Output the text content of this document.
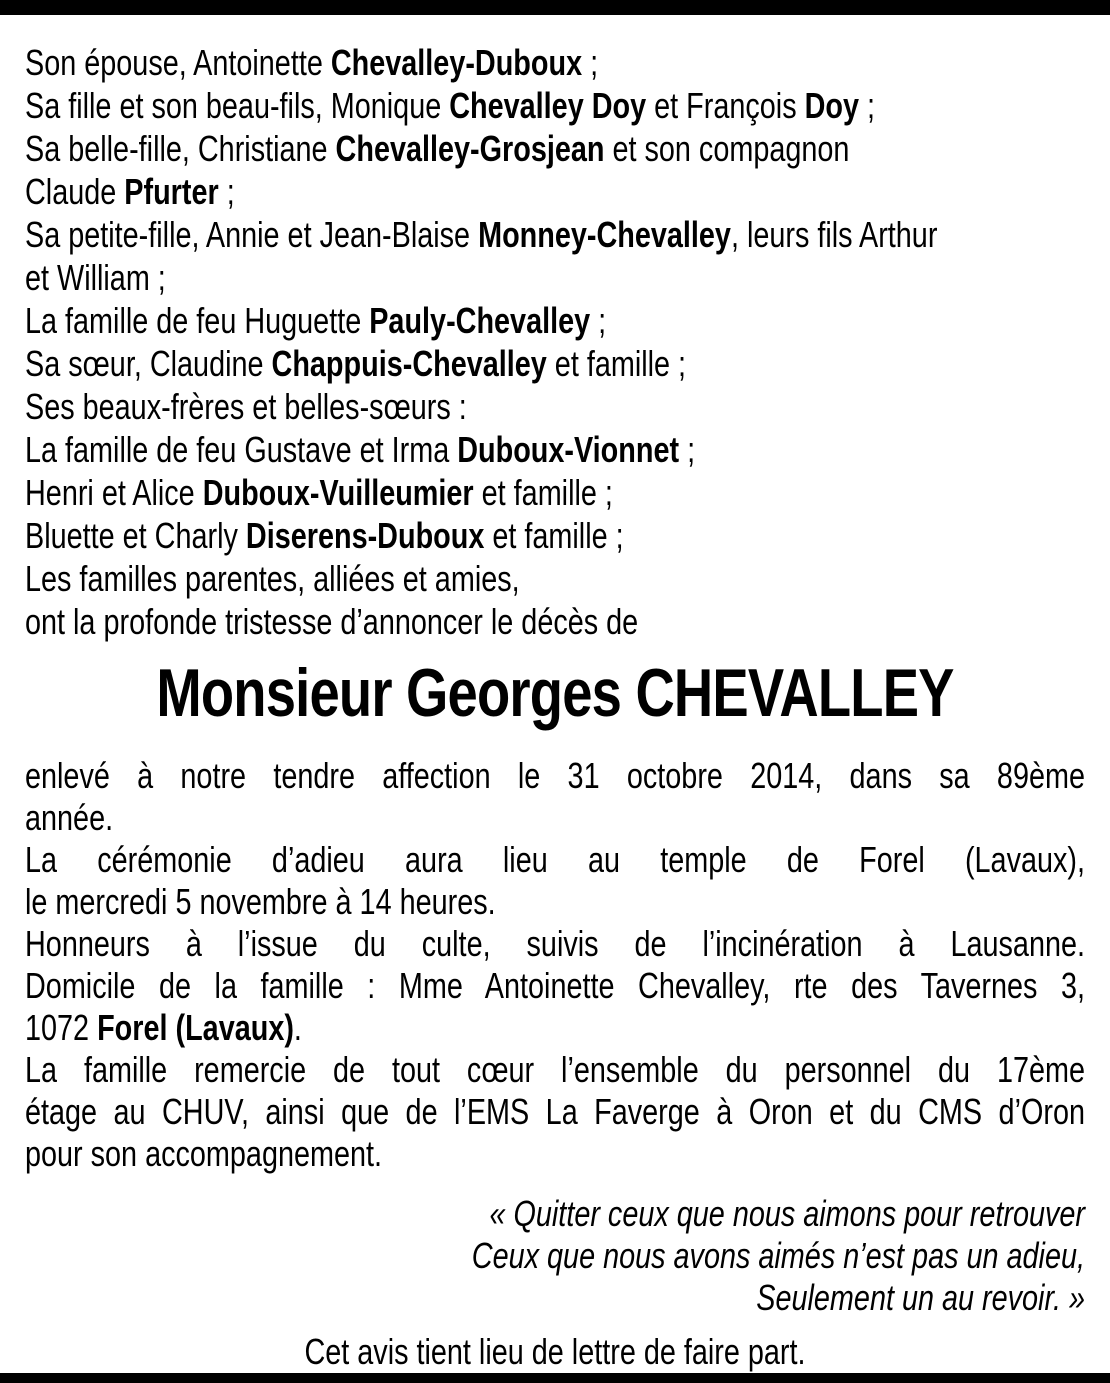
Son épouse, Antoinette Chevalley-Duboux ;
Sa fille et son beau-fils, Monique Chevalley Doy et François Doy ;
Sa belle-fille, Christiane Chevalley-Grosjean et son compagnon
Claude Pfurter ;
Sa petite-fille, Annie et Jean-Blaise Monney-Chevalley, leurs fils Arthur
et William ;
La famille de feu Huguette Pauly-Chevalley ;
Sa sœur, Claudine Chappuis-Chevalley et famille ;
Ses beaux-frères et belles-sœurs :
La famille de feu Gustave et Irma Duboux-Vionnet ;
Henri et Alice Duboux-Vuilleumier et famille ;
Bluette et Charly Diserens-Duboux et famille ;
Les familles parentes, alliées et amies,
ont la profonde tristesse d’annoncer le décès de
Monsieur Georges CHEVALLEY
enlevé à notre tendre affection le 31 octobre 2014, dans sa 89ème
année.
La cérémonie d’adieu aura lieu au temple de Forel (Lavaux),
le mercredi 5 novembre à 14 heures.
Honneurs à l’issue du culte, suivis de l’incinération à Lausanne.
Domicile de la famille : Mme Antoinette Chevalley, rte des Tavernes 3,
1072 Forel (Lavaux).
La famille remercie de tout cœur l’ensemble du personnel du 17ème
étage au CHUV, ainsi que de l’EMS La Faverge à Oron et du CMS d’Oron
pour son accompagnement.
« Quitter ceux que nous aimons pour retrouver
Ceux que nous avons aimés n’est pas un adieu,
Seulement un au revoir. »
Cet avis tient lieu de lettre de faire part.
